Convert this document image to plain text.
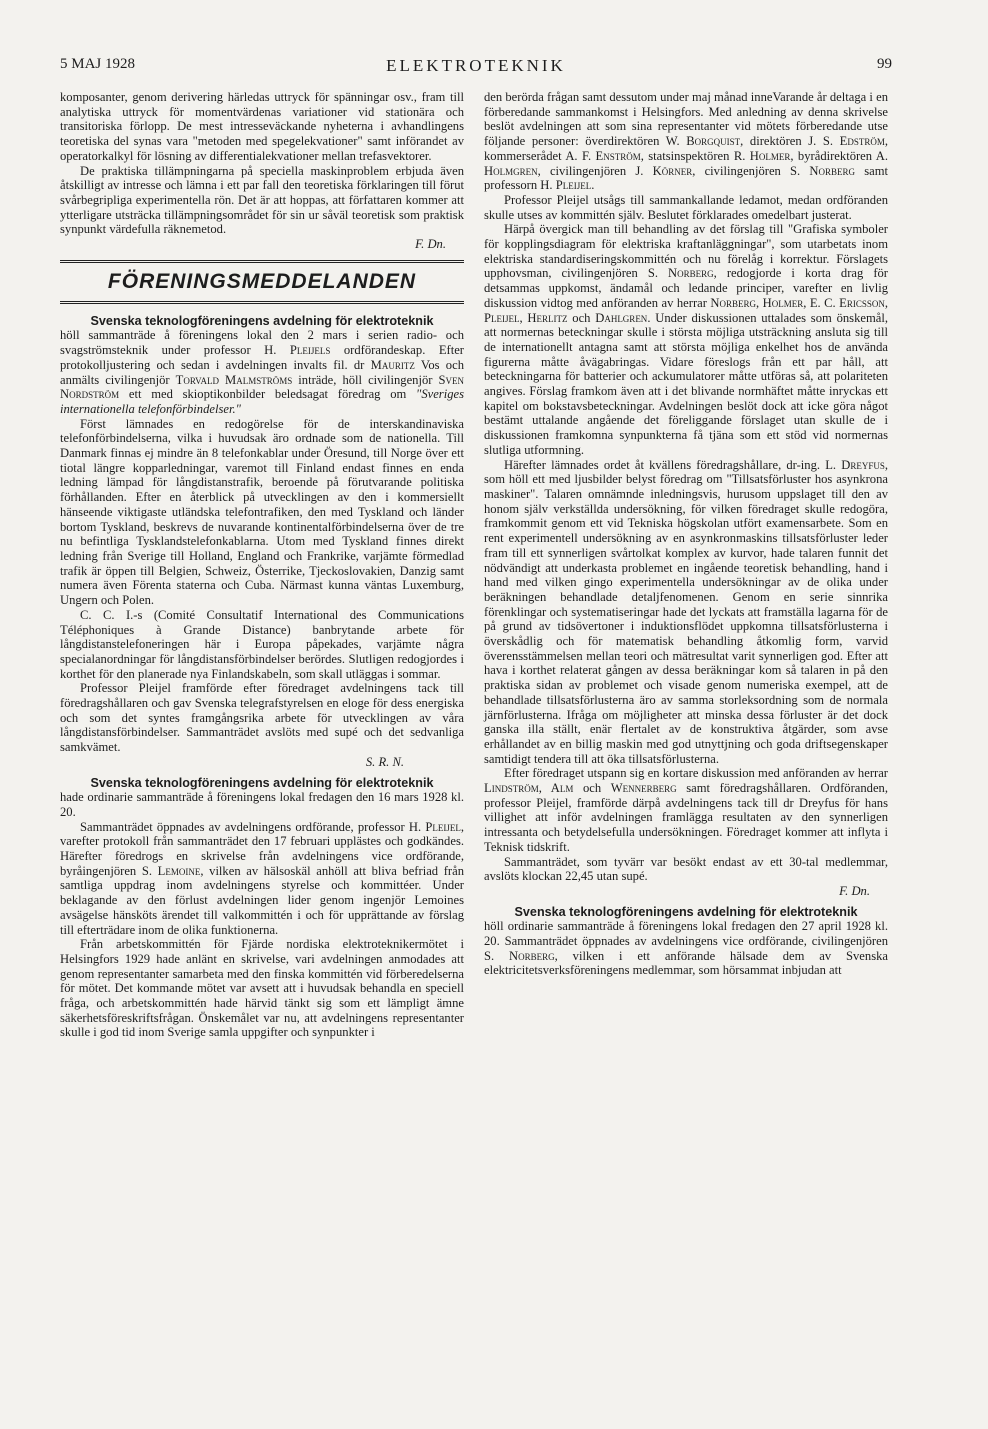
5 MAJ 1928	ELEKTROTEKNIK	99

komposanter, genom derivering härledas uttryck för spänningar osv., fram till analytiska uttryck för momentvärdenas variationer vid stationära och transitoriska förlopp. De mest intresseväckande nyheterna i avhandlingens teoretiska del synas vara "metoden med spegelekvationer" samt införandet av operatorkalkyl för lösning av differentialekvationer mellan trefasvektorer.

De praktiska tillämpningarna på speciella maskinproblem erbjuda även åtskilligt av intresse och lämna i ett par fall den teoretiska förklaringen till förut svårbegripliga experimentella rön. Det är att hoppas, att författaren kommer att ytterligare utsträcka tillämpningsområdet för sin ur såväl teoretisk som praktisk synpunkt värdefulla räknemetod.

F. Dn.

FÖRENINGSMEDDELANDEN
Svenska teknologföreningens avdelning för elektroteknik

höll sammanträde å föreningens lokal den 2 mars i serien radio- och svagströmsteknik under professor H. Pleijels ordförandeskap. Efter protokolljustering och sedan i avdelningen invalts fil. dr Mauritz Vos och anmälts civilingenjör Torvald Malmströms inträde, höll civilingenjör Sven Nordström ett med skioptikonbilder beledsagat föredrag om "Sveriges internationella telefonförbindelser."

Först lämnades en redogörelse för de interskandinaviska telefonförbindelserna, vilka i huvudsak äro ordnade som de nationella. Till Danmark finnas ej mindre än 8 telefonkablar under Öresund, till Norge över ett tiotal längre kopparledningar, varemot till Finland endast finnes en enda ledning lämpad för långdistanstrafik, beroende på förutvarande politiska förhållanden. Efter en återblick på utvecklingen av den i kommersiellt hänseende viktigaste utländska telefontrafiken, den med Tyskland och länder bortom Tyskland, beskrevs de nuvarande kontinentalförbindelserna över de tre nu befintliga Tysklandstelefonkablarna. Utom med Tyskland finnes direkt ledning från Sverige till Holland, England och Frankrike, varjämte förmedlad trafik är öppen till Belgien, Schweiz, Österrike, Tjeckoslovakien, Danzig samt numera även Förenta staterna och Cuba. Närmast kunna väntas Luxemburg, Ungern och Polen.

C. C. I.-s (Comité Consultatif International des Communications Téléphoniques à Grande Distance) banbrytande arbete för långdistanstelefoneringen här i Europa påpekades, varjämte några specialanordningar för långdistansförbindelser berördes. Slutligen redogjordes i korthet för den planerade nya Finlandskabeln, som skall utläggas i sommar.

Professor Pleijel framförde efter föredraget avdelningens tack till föredragshållaren och gav Svenska telegrafstyrelsen en eloge för dess energiska och som det syntes framgångsrika arbete för utvecklingen av våra långdistansförbindelser. Sammanträdet avslöts med supé och det sedvanliga samkvämet.

S. R. N.

Svenska teknologföreningens avdelning för elektroteknik

hade ordinarie sammanträde å föreningens lokal fredagen den 16 mars 1928 kl. 20.

Sammanträdet öppnades av avdelningens ordförande, professor H. Pleijel, varefter protokoll från sammanträdet den 17 februari upplästes och godkändes. Härefter föredrogs en skrivelse från avdelningens vice ordförande, byråingenjören S. Lemoine, vilken av hälsoskäl anhöll att bliva befriad från samtliga uppdrag inom avdelningens styrelse och kommittéer. Under beklagande av den förlust avdelningen lider genom ingenjör Lemoines avsägelse hänsköts ärendet till valkommittén i och för upprättande av förslag till efterträdare inom de olika funktionerna.

Från arbetskommittén för Fjärde nordiska elektroteknikermötet i Helsingfors 1929 hade anlänt en skrivelse, vari avdelningen anmodades att genom representanter samarbeta med den finska kommittén vid förberedelserna för mötet. Det kommande mötet var avsett att i huvudsak behandla en speciell fråga, och arbetskommittén hade härvid tänkt sig som ett lämpligt ämne säkerhetsföreskriftsfrågan. Önskemålet var nu, att avdelningens representanter skulle i god tid inom Sverige samla uppgifter och synpunkter i

den berörda frågan samt dessutom under maj månad inneVarande år deltaga i en förberedande sammankomst i Helsingfors. Med anledning av denna skrivelse beslöt avdelningen att som sina representanter vid mötets förberedande utse följande personer: överdirektören W. Borgquist, direktören J. S. Edström, kommerserådet A. F. Enström, statsinspektören R. Holmer, byrådirektören A. Holmgren, civilingenjören J. Körner, civilingenjören S. Norberg samt professorn H. Pleijel.

Professor Pleijel utsågs till sammankallande ledamot, medan ordföranden skulle utses av kommittén själv. Beslutet förklarades omedelbart justerat.

Härpå övergick man till behandling av det förslag till "Grafiska symboler för kopplingsdiagram för elektriska kraftanläggningar", som utarbetats inom elektriska standardiseringskommittén och nu förelåg i korrektur. Förslagets upphovsman, civilingenjören S. Norberg, redogjorde i korta drag för detsammas uppkomst, ändamål och ledande principer, varefter en livlig diskussion vidtog med anföranden av herrar Norberg, Holmer, E. C. Ericsson, Pleijel, Herlitz och Dahlgren. Under diskussionen uttalades som önskemål, att normernas beteckningar skulle i största möjliga utsträckning ansluta sig till de internationellt antagna samt att största möjliga enkelhet hos de använda figurerna måtte åvägabringas. Vidare föreslogs från ett par håll, att beteckningarna för batterier och ackumulatorer måtte utföras så, att polariteten angives. Förslag framkom även att i det blivande normhäftet måtte inryckas ett kapitel om bokstavsbeteckningar. Avdelningen beslöt dock att icke göra något bestämt uttalande angående det föreliggande förslaget utan skulle de i diskussionen framkomna synpunkterna få tjäna som ett stöd vid normernas slutliga utformning.

Härefter lämnades ordet åt kvällens föredragshållare, dr-ing. L. Dreyfus, som höll ett med ljusbilder belyst föredrag om "Tillsatsförluster hos asynkrona maskiner". Talaren omnämnde inledningsvis, hurusom uppslaget till den av honom själv verkställda undersökning, för vilken föredraget skulle redogöra, framkommit genom ett vid Tekniska högskolan utfört examensarbete. Som en rent experimentell undersökning av en asynkronmaskins tillsatsförluster leder fram till ett synnerligen svårtolkat komplex av kurvor, hade talaren funnit det nödvändigt att underkasta problemet en ingående teoretisk behandling, hand i hand med vilken gingo experimentella undersökningar av de olika under beräkningen behandlade detaljfenomenen. Genom en serie sinnrika förenklingar och systematiseringar hade det lyckats att framställa lagarna för de på grund av tidsövertoner i induktionsflödet uppkomna tillsatsförlusterna i överskådlig och för matematisk behandling åtkomlig form, varvid överensstämmelsen mellan teori och mätresultat varit synnerligen god. Efter att hava i korthet relaterat gången av dessa beräkningar kom så talaren in på den praktiska sidan av problemet och visade genom numeriska exempel, att de behandlade tillsatsförlusterna äro av samma storleksordning som de normala järnförlusterna. Ifråga om möjligheter att minska dessa förluster är det dock ganska illa ställt, enär flertalet av de konstruktiva åtgärder, som avse erhållandet av en billig maskin med god utnyttjning och goda driftsegenskaper samtidigt tendera till att öka tillsatsförlusterna.

Efter föredraget utspann sig en kortare diskussion med anföranden av herrar Lindström, Alm och Wennerberg samt föredragshållaren. Ordföranden, professor Pleijel, framförde därpå avdelningens tack till dr Dreyfus för hans villighet att inför avdelningen framlägga resultaten av den synnerligen intressanta och betydelsefulla undersökningen. Föredraget kommer att inflyta i Teknisk tidskrift.

Sammanträdet, som tyvärr var besökt endast av ett 30-tal medlemmar, avslöts klockan 22,45 utan supé.

F. Dn.

Svenska teknologföreningens avdelning för elektroteknik

höll ordinarie sammanträde å föreningens lokal fredagen den 27 april 1928 kl. 20. Sammanträdet öppnades av avdelningens vice ordförande, civilingenjören S. Norberg, vilken i ett anförande hälsade dem av Svenska elektricitetsverksföreningens medlemmar, som hörsammat inbjudan att
